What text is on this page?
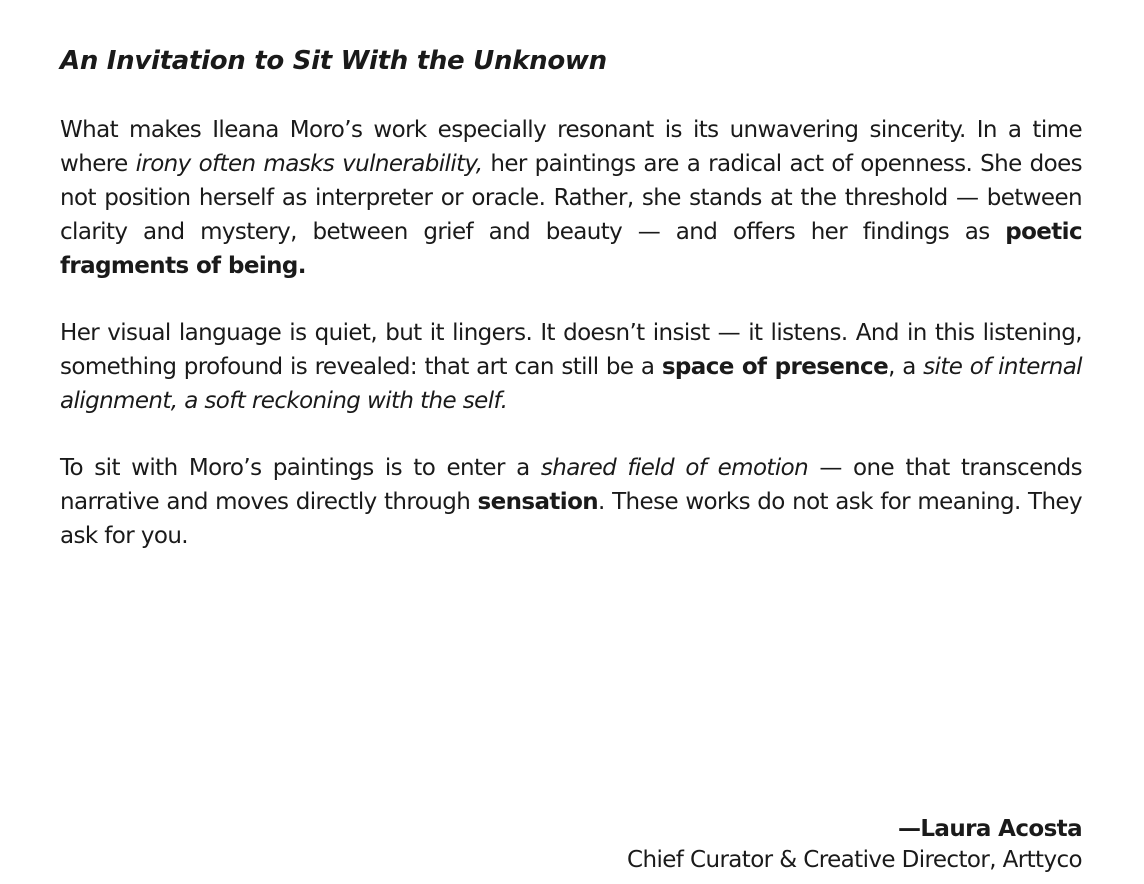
An Invitation to Sit With the Unknown

What makes Ileana Moro’s work especially resonant is its unwavering sincerity. In a time where irony often masks vulnerability, her paintings are a radical act of openness. She does not position herself as interpreter or oracle. Rather, she stands at the threshold — between clarity and mystery, between grief and beauty — and offers her findings as poetic fragments of being.

Her visual language is quiet, but it lingers. It doesn’t insist — it listens. And in this listening, something profound is revealed: that art can still be a space of presence, a site of internal alignment, a soft reckoning with the self.

To sit with Moro’s paintings is to enter a shared field of emotion — one that transcends narrative and moves directly through sensation. These works do not ask for meaning. They ask for you.

—Laura Acosta
Chief Curator & Creative Director, Arttyco
